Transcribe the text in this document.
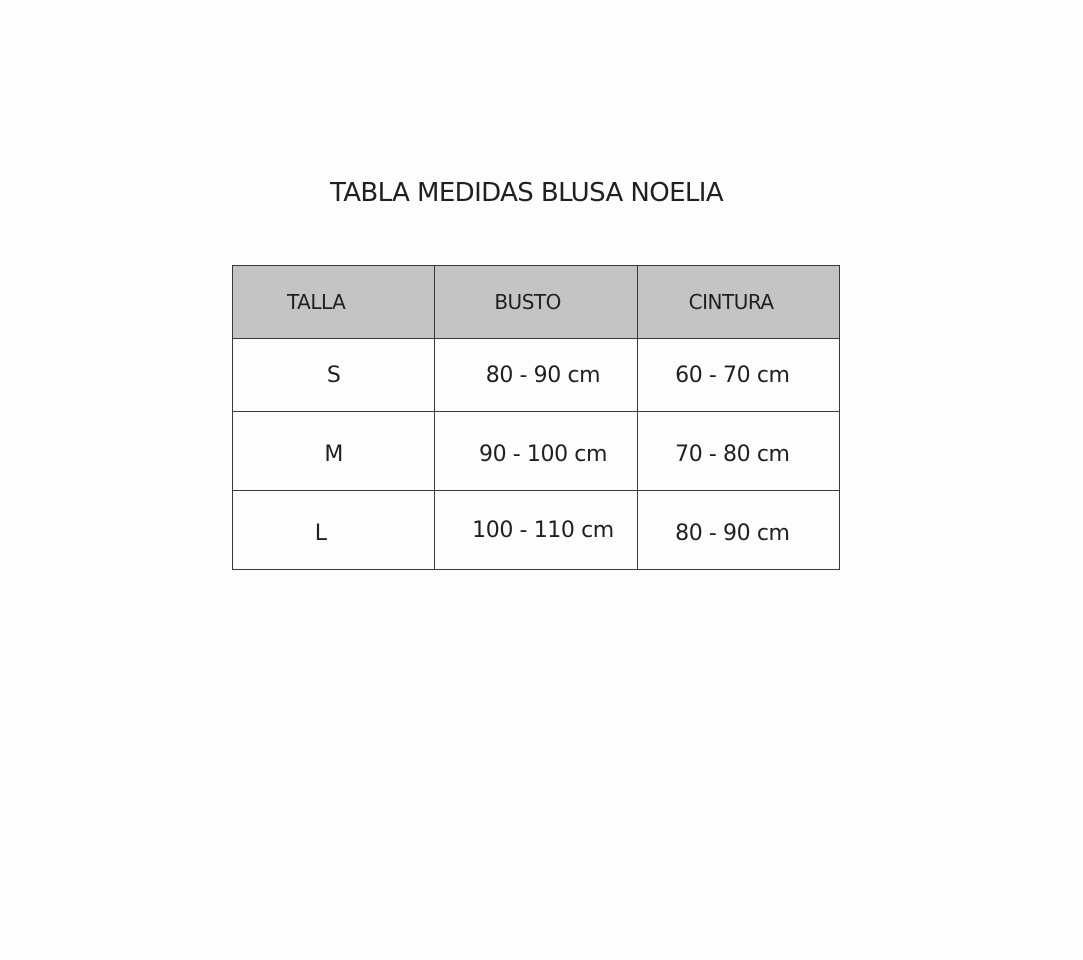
TABLA MEDIDAS BLUSA NOELIA
TALLA	BUSTO	CINTURA
S	80 - 90 cm	60 - 70 cm
M	90 - 100 cm	70 - 80 cm
L	100 - 110 cm	80 - 90 cm
